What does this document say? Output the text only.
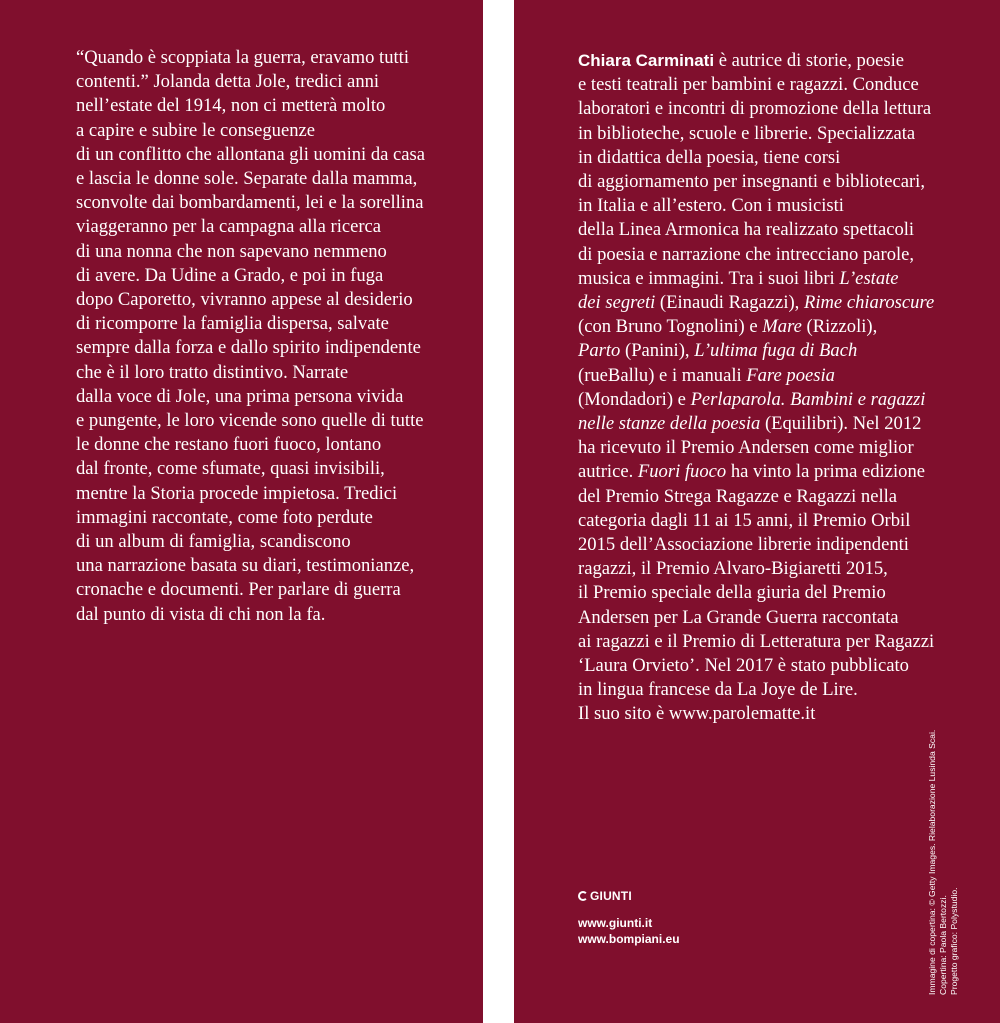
“Quando è scoppiata la guerra, eravamo tutti
contenti.” Jolanda detta Jole, tredici anni
nell’estate del 1914, non ci metterà molto
a capire e subire le conseguenze
di un conflitto che allontana gli uomini da casa
e lascia le donne sole. Separate dalla mamma,
sconvolte dai bombardamenti, lei e la sorellina
viaggeranno per la campagna alla ricerca
di una nonna che non sapevano nemmeno
di avere. Da Udine a Grado, e poi in fuga
dopo Caporetto, vivranno appese al desiderio
di ricomporre la famiglia dispersa, salvate
sempre dalla forza e dallo spirito indipendente
che è il loro tratto distintivo. Narrate
dalla voce di Jole, una prima persona vivida
e pungente, le loro vicende sono quelle di tutte
le donne che restano fuori fuoco, lontano
dal fronte, come sfumate, quasi invisibili,
mentre la Storia procede impietosa. Tredici
immagini raccontate, come foto perdute
di un album di famiglia, scandiscono
una narrazione basata su diari, testimonianze,
cronache e documenti. Per parlare di guerra
dal punto di vista di chi non la fa.
Chiara Carminati è autrice di storie, poesie
e testi teatrali per bambini e ragazzi. Conduce
laboratori e incontri di promozione della lettura
in biblioteche, scuole e librerie. Specializzata
in didattica della poesia, tiene corsi
di aggiornamento per insegnanti e bibliotecari,
in Italia e all’estero. Con i musicisti
della Linea Armonica ha realizzato spettacoli
di poesia e narrazione che intrecciano parole,
musica e immagini. Tra i suoi libri L’estate
dei segreti (Einaudi Ragazzi), Rime chiaroscure
(con Bruno Tognolini) e Mare (Rizzoli),
Parto (Panini), L’ultima fuga di Bach
(rueBallu) e i manuali Fare poesia
(Mondadori) e Perlaparola. Bambini e ragazzi
nelle stanze della poesia (Equilibri). Nel 2012
ha ricevuto il Premio Andersen come miglior
autrice. Fuori fuoco ha vinto la prima edizione
del Premio Strega Ragazze e Ragazzi nella
categoria dagli 11 ai 15 anni, il Premio Orbil
2015 dell’Associazione librerie indipendenti
ragazzi, il Premio Alvaro-Bigiaretti 2015,
il Premio speciale della giuria del Premio
Andersen per La Grande Guerra raccontata
ai ragazzi e il Premio di Letteratura per Ragazzi
‘Laura Orvieto’. Nel 2017 è stato pubblicato
in lingua francese da La Joye de Lire.
Il suo sito è www.parolematte.it
GIUNTI
www.giunti.it
www.bompiani.eu	Immagine di copertina: © Getty Images. Rielaborazione Lusinda Scai. Copertina: Paola Bertozzi. Progetto grafico: Polystudio.
